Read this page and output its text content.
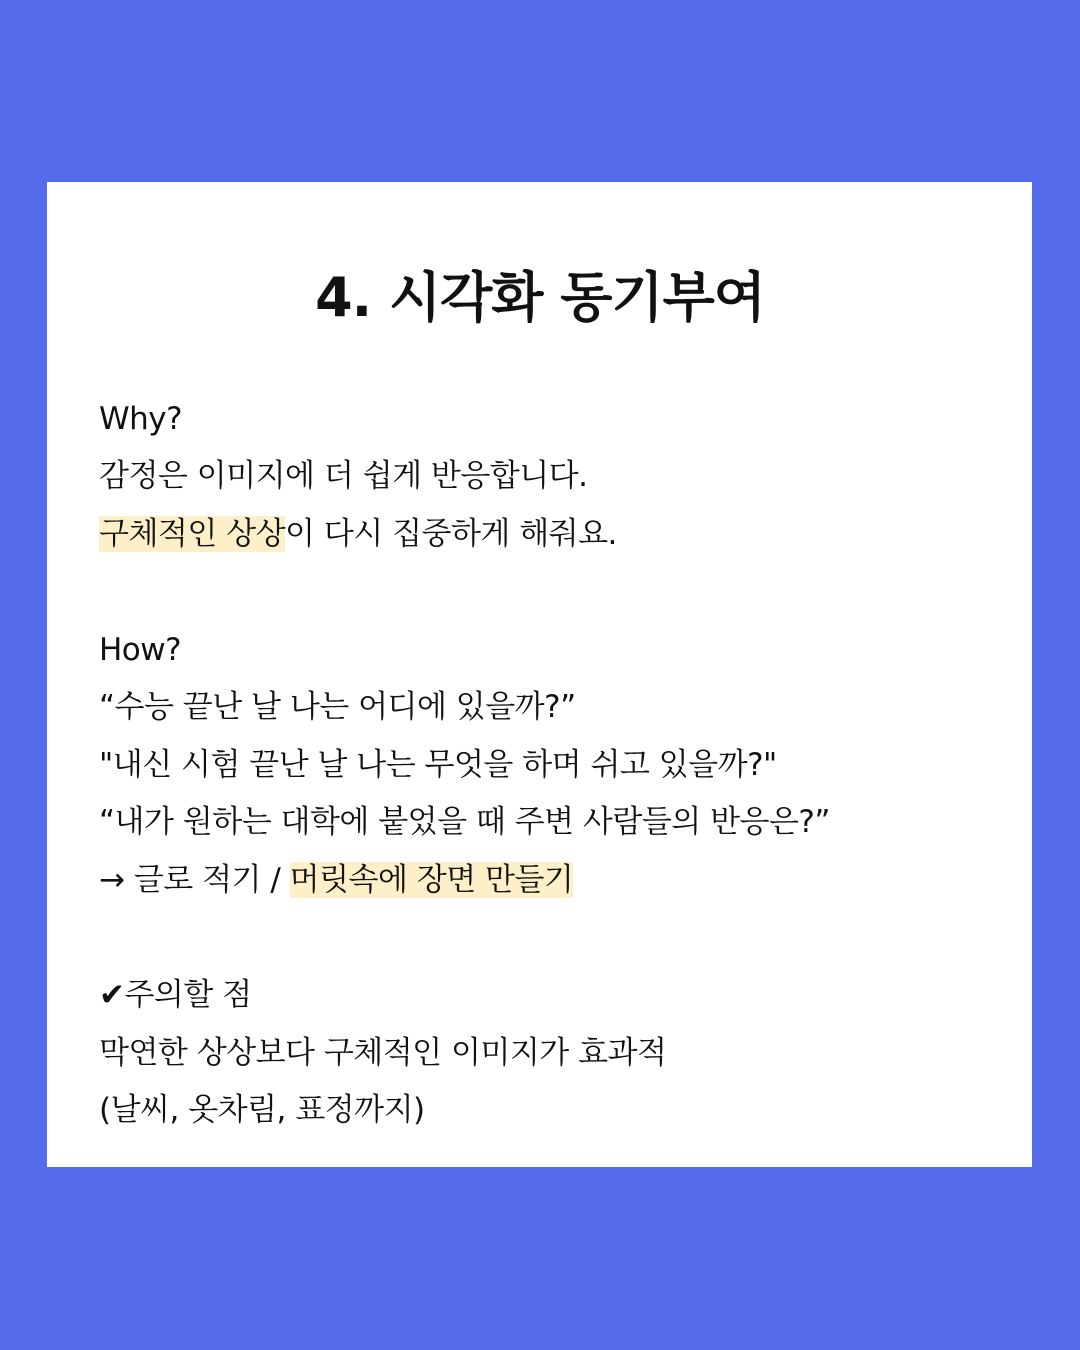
4. 시각화 동기부여
Why?
감정은 이미지에 더 쉽게 반응합니다.
구체적인 상상이 다시 집중하게 해줘요.
How?
“수능 끝난 날 나는 어디에 있을까?”
"내신 시험 끝난 날 나는 무엇을 하며 쉬고 있을까?"
“내가 원하는 대학에 붙었을 때 주변 사람들의 반응은?”
→ 글로 적기 / 머릿속에 장면 만들기
✔주의할 점
막연한 상상보다 구체적인 이미지가 효과적
(날씨, 옷차림, 표정까지)
